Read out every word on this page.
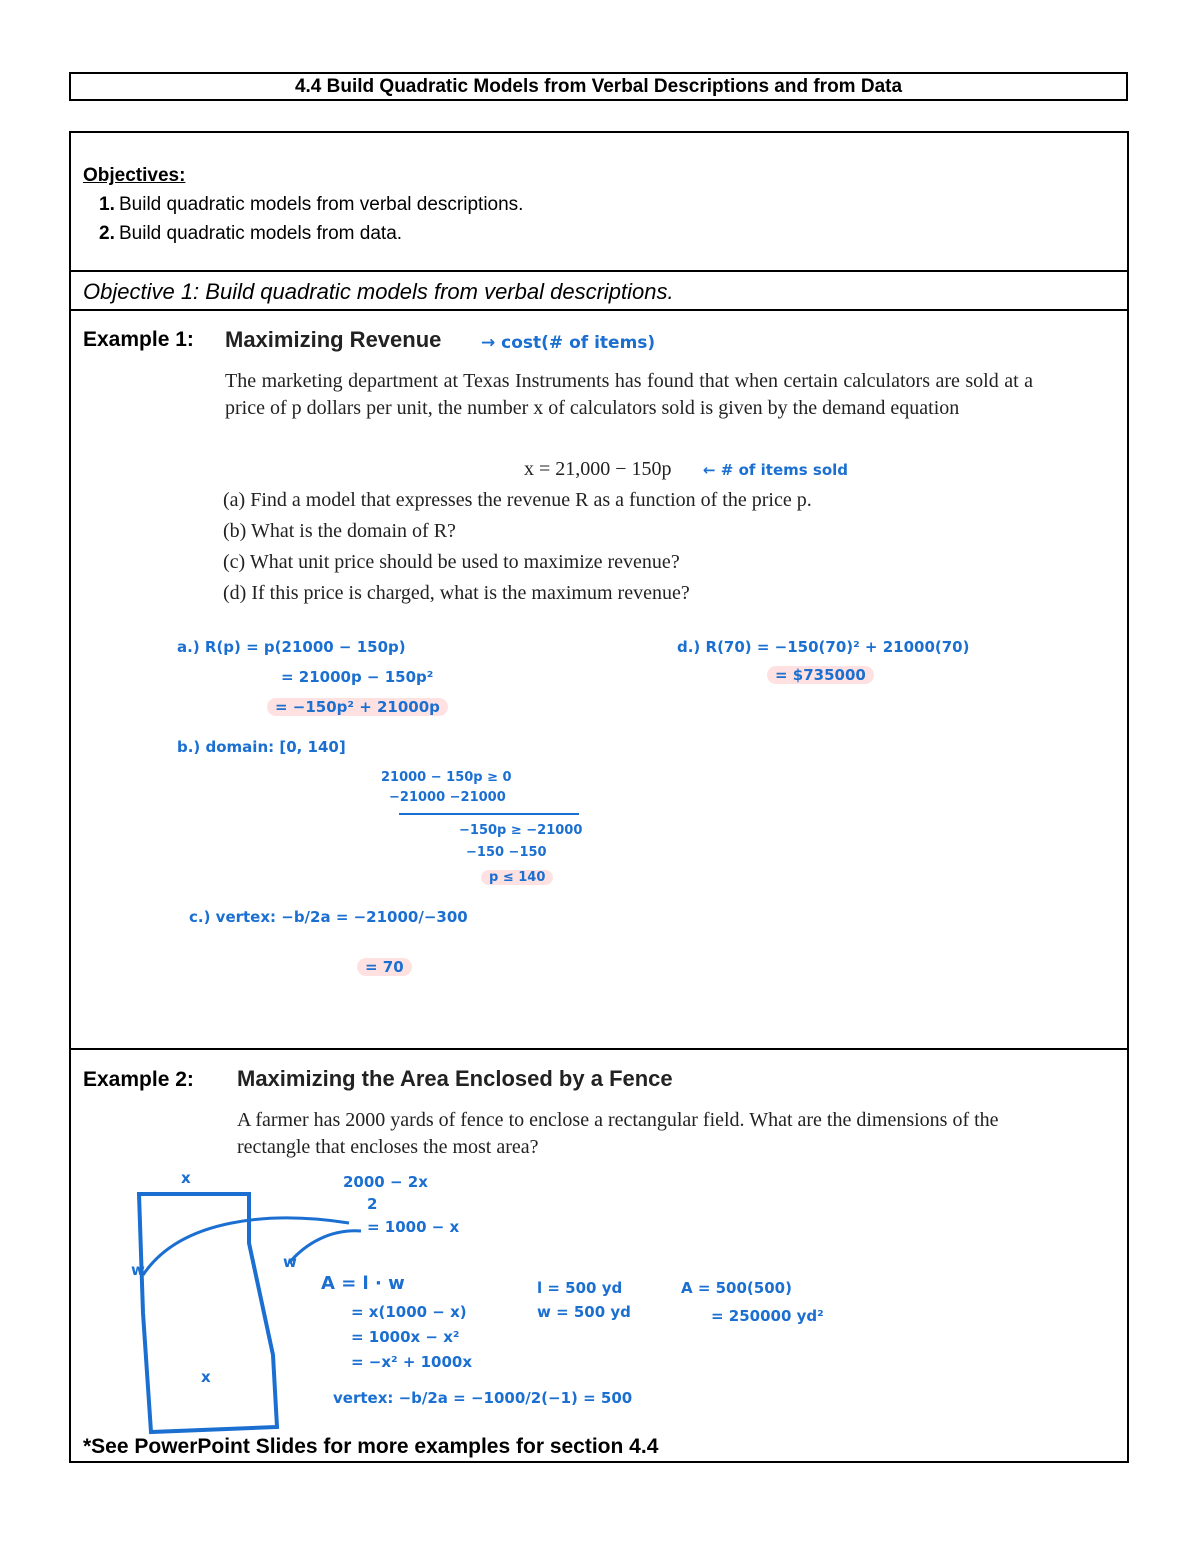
4.4 Build Quadratic Models from Verbal Descriptions and from Data
Objectives:
1. Build quadratic models from verbal descriptions.
2. Build quadratic models from data.
Objective 1: Build quadratic models from verbal descriptions.
Example 1: Maximizing Revenue → cost(# of items)

The marketing department at Texas Instruments has found that when certain calculators are sold at a price of p dollars per unit, the number x of calculators sold is given by the demand equation

x = 21,000 − 150p ← # of items sold
(a) Find a model that expresses the revenue R as a function of the price p.
(b) What is the domain of R?
(c) What unit price should be used to maximize revenue?
(d) If this price is charged, what is the maximum revenue?
a.) R(p) = p(21000 − 150p)
= 21000p − 150p²
= −150p² + 21000p
b.) domain: [0, 140]
21000 − 150p ≥ 0
−21000 −21000
−150p ≥ −21000
−150 −150
p ≤ 140
c.) vertex: −b/2a = −21000/−300
= 70
d.) R(70) = −150(70)² + 21000(70)
= $735000
Example 2: Maximizing the Area Enclosed by a Fence

A farmer has 2000 yards of fence to enclose a rectangular field. What are the dimensions of the rectangle that encloses the most area?

x
x
w	w
2000 − 2x
2
= 1000 − x
A = l · w
= x(1000 − x)
= 1000x − x²
= −x² + 1000x
vertex: −b/2a = −1000/2(−1) = 500
l = 500 yd
w = 500 yd
A = 500(500)
= 250000 yd²
*See PowerPoint Slides for more examples for section 4.4
